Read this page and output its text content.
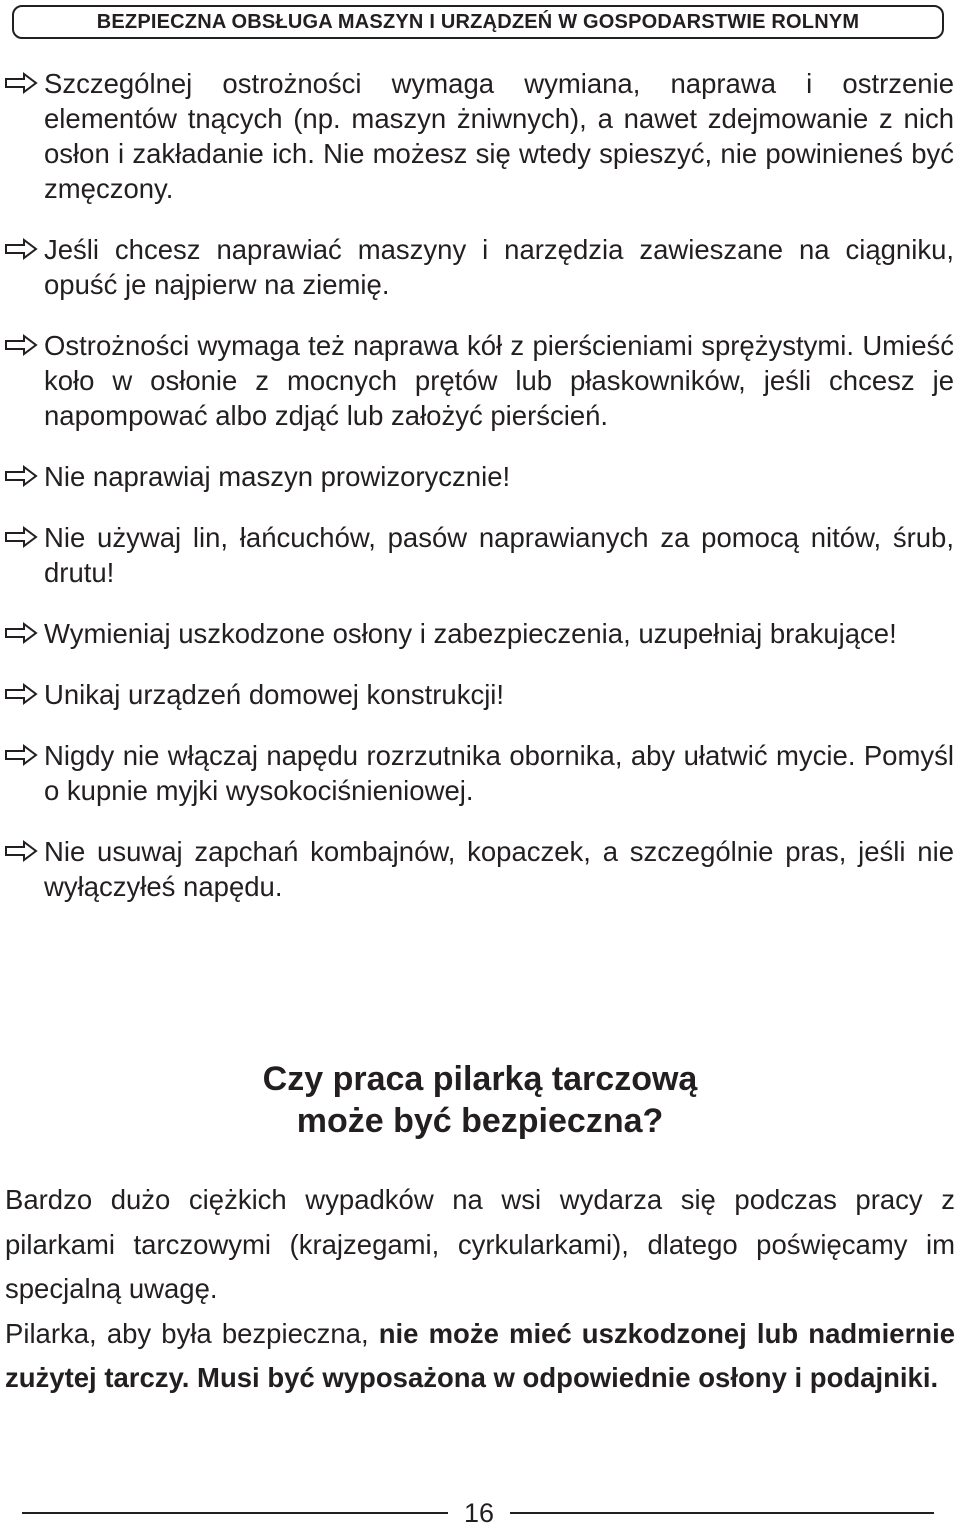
BEZPIECZNA OBSŁUGA MASZYN I URZĄDZEŃ W GOSPODARSTWIE ROLNYM
Szczególnej ostrożności wymaga wymiana, naprawa i ostrzenie elementów tnących (np. maszyn żniwnych), a nawet zdejmowanie z nich osłon i zakładanie ich. Nie możesz się wtedy spieszyć, nie powinieneś być zmęczony.
Jeśli chcesz naprawiać maszyny i narzędzia zawieszane na ciągniku, opuść je najpierw na ziemię.
Ostrożności wymaga też naprawa kół z pierścieniami sprężystymi. Umieść koło w osłonie z mocnych prętów lub płaskowników, jeśli chcesz je napompować albo zdjąć lub założyć pierścień.
Nie naprawiaj maszyn prowizorycznie!
Nie używaj lin, łańcuchów, pasów naprawianych za pomocą nitów, śrub, drutu!
Wymieniaj uszkodzone osłony i zabezpieczenia, uzupełniaj brakujące!
Unikaj urządzeń domowej konstrukcji!
Nigdy nie włączaj napędu rozrzutnika obornika, aby ułatwić mycie. Pomyśl o kupnie myjki wysokociśnieniowej.
Nie usuwaj zapchań kombajnów, kopaczek, a szczególnie pras, jeśli nie wyłączyłeś napędu.
Czy praca pilarką tarczową
może być bezpieczna?

Bardzo dużo ciężkich wypadków na wsi wydarza się podczas pracy z pilarkami tarczowymi (krajzegami, cyrkularkami), dlatego poświęcamy im specjalną uwagę.

Pilarka, aby była bezpieczna, nie może mieć uszkodzonej lub nadmiernie zużytej tarczy. Musi być wyposażona w odpowiednie osłony i podajniki.

16
